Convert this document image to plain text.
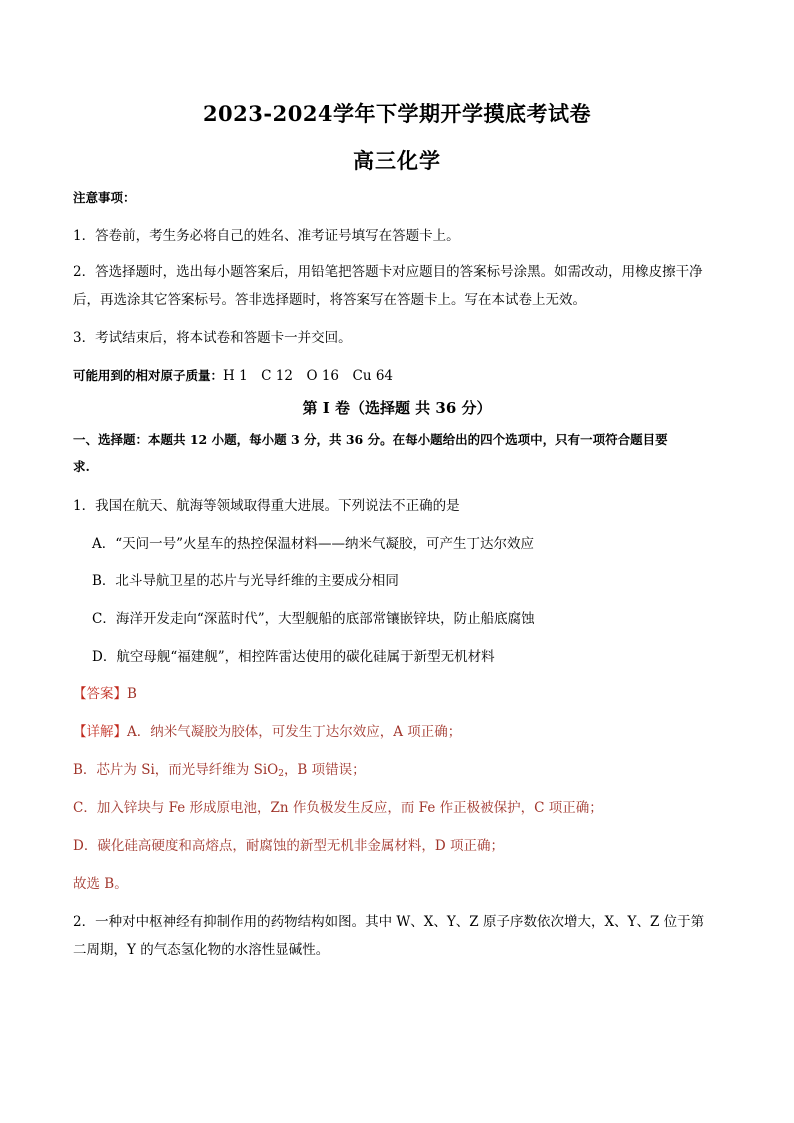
2023-2024学年下学期开学摸底考试卷
高三化学
注意事项：
1．答卷前，考生务必将自己的姓名、准考证号填写在答题卡上。
2．答选择题时，选出每小题答案后，用铅笔把答题卡对应题目的答案标号涂黑。如需改动，用橡皮擦干净
后，再选涂其它答案标号。答非选择题时，将答案写在答题卡上。写在本试卷上无效。
3．考试结束后，将本试卷和答题卡一并交回。
可能用到的相对原子质量：H 1　C 12　O 16　Cu 64
第 I 卷（选择题 共 36 分）
一、选择题：本题共 12 小题，每小题 3 分，共 36 分。在每小题给出的四个选项中，只有一项符合题目要
求.
1．我国在航天、航海等领域取得重大进展。下列说法不正确的是
A．“天问一号”火星车的热控保温材料——纳米气凝胶，可产生丁达尔效应
B．北斗导航卫星的芯片与光导纤维的主要成分相同
C．海洋开发走向“深蓝时代”，大型舰船的底部常镶嵌锌块，防止船底腐蚀
D．航空母舰“福建舰”，相控阵雷达使用的碳化硅属于新型无机材料
【答案】B
【详解】A．纳米气凝胶为胶体，可发生丁达尔效应，A 项正确；
B．芯片为 Si，而光导纤维为 SiO$_2$，B 项错误；
C．加入锌块与 Fe 形成原电池，Zn 作负极发生反应，而 Fe 作正极被保护，C 项正确；
D．碳化硅高硬度和高熔点，耐腐蚀的新型无机非金属材料，D 项正确；
故选 B。
2．一种对中枢神经有抑制作用的药物结构如图。其中 W、X、Y、Z 原子序数依次增大，X、Y、Z 位于第
二周期，Y 的气态氢化物的水溶性显碱性。
